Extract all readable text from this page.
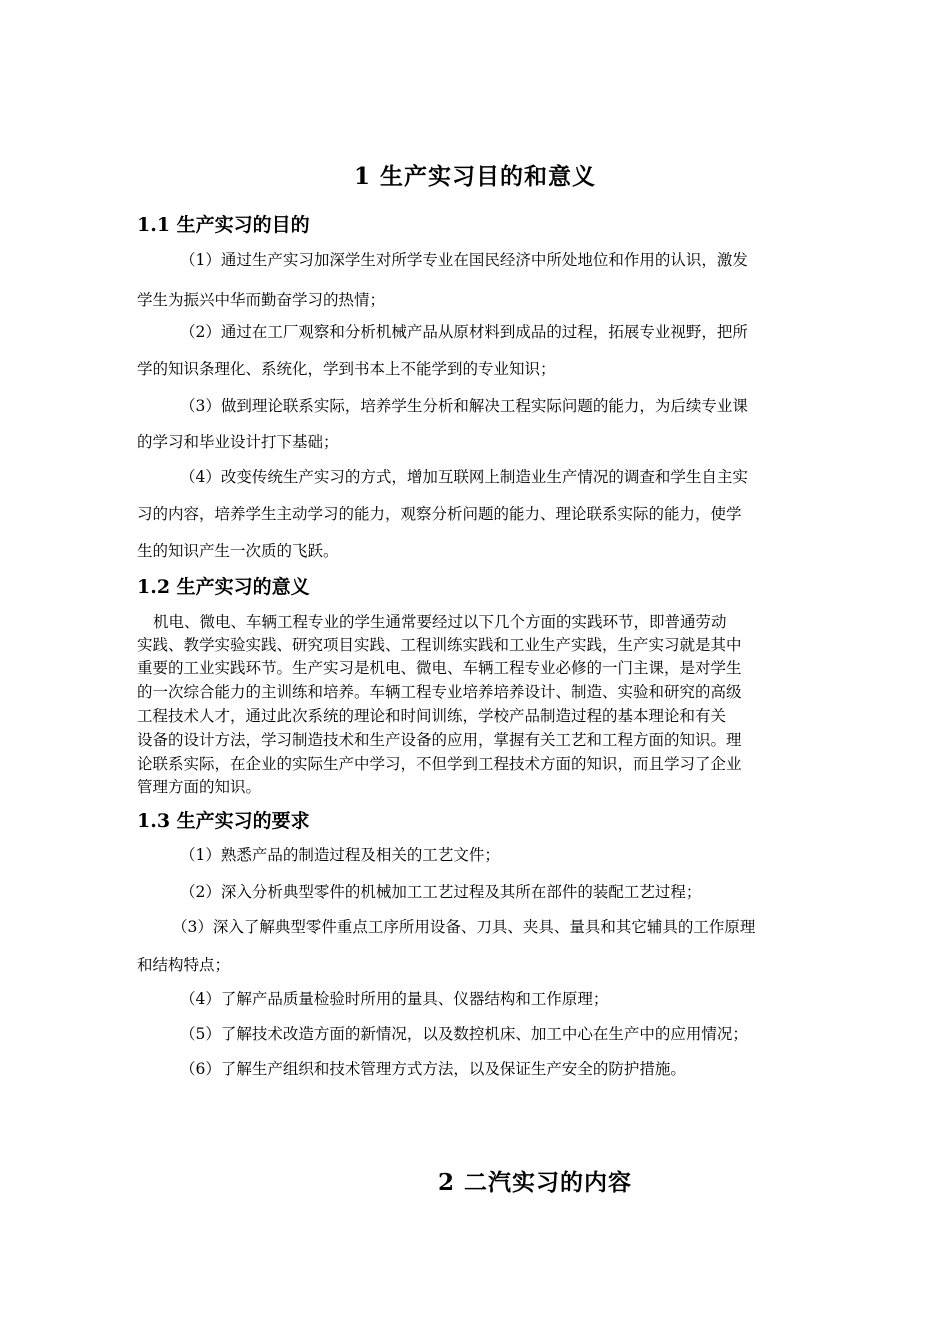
1 生产实习目的和意义
1.1 生产实习的目的
（1）通过生产实习加深学生对所学专业在国民经济中所处地位和作用的认识，激发
学生为振兴中华而勤奋学习的热情；
（2）通过在工厂观察和分析机械产品从原材料到成品的过程，拓展专业视野，把所
学的知识条理化、系统化，学到书本上不能学到的专业知识；
（3）做到理论联系实际，培养学生分析和解决工程实际问题的能力，为后续专业课
的学习和毕业设计打下基础；
（4）改变传统生产实习的方式，增加互联网上制造业生产情况的调查和学生自主实
习的内容，培养学生主动学习的能力，观察分析问题的能力、理论联系实际的能力，使学
生的知识产生一次质的飞跃。
1.2 生产实习的意义
机电、微电、车辆工程专业的学生通常要经过以下几个方面的实践环节，即普通劳动
实践、教学实验实践、研究项目实践、工程训练实践和工业生产实践，生产实习就是其中
重要的工业实践环节。生产实习是机电、微电、车辆工程专业必修的一门主课，是对学生
的一次综合能力的主训练和培养。车辆工程专业培养培养设计、制造、实验和研究的高级
工程技术人才，通过此次系统的理论和时间训练，学校产品制造过程的基本理论和有关
设备的设计方法，学习制造技术和生产设备的应用，掌握有关工艺和工程方面的知识。理
论联系实际，在企业的实际生产中学习，不但学到工程技术方面的知识，而且学习了企业
管理方面的知识。
1.3 生产实习的要求
（1）熟悉产品的制造过程及相关的工艺文件；
（2）深入分析典型零件的机械加工工艺过程及其所在部件的装配工艺过程；
（3）深入了解典型零件重点工序所用设备、刀具、夹具、量具和其它辅具的工作原理
和结构特点；
（4）了解产品质量检验时所用的量具、仪器结构和工作原理；
（5）了解技术改造方面的新情况，以及数控机床、加工中心在生产中的应用情况；
（6）了解生产组织和技术管理方式方法，以及保证生产安全的防护措施。
2 二汽实习的内容
